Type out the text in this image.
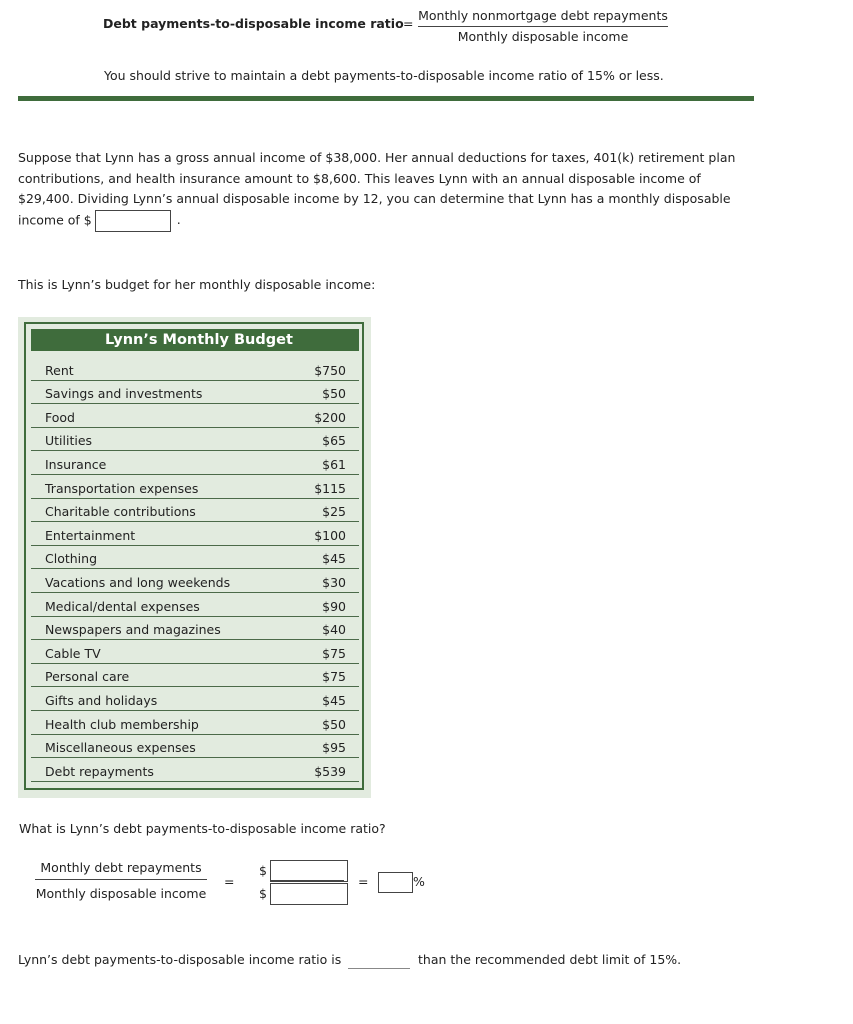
Debt payments-to-disposable income ratio =
Monthly nonmortgage debt repayments
Monthly disposable income
You should strive to maintain a debt payments-to-disposable income ratio of 15% or less.
Suppose that Lynn has a gross annual income of $38,000. Her annual deductions for taxes, 401(k) retirement plan contributions, and health insurance amount to $8,600. This leaves Lynn with an annual disposable income of $29,400. Dividing Lynn’s annual disposable income by 12, you can determine that Lynn has a monthly disposable income of $	.
This is Lynn’s budget for her monthly disposable income:
Lynn’s Monthly Budget
Rent	$750
Savings and investments	$50
Food	$200
Utilities	$65
Insurance	$61
Transportation expenses	$115
Charitable contributions	$25
Entertainment	$100
Clothing	$45
Vacations and long weekends	$30
Medical/dental expenses	$90
Newspapers and magazines	$40
Cable TV	$75
Personal care	$75
Gifts and holidays	$45
Health club membership	$50
Miscellaneous expenses	$95
Debt repayments	$539
What is Lynn’s debt payments-to-disposable income ratio?
Monthly debt repayments
Monthly disposable income
=
$
$
=	%
Lynn’s debt payments-to-disposable income ratio is	than the recommended debt limit of 15%.
